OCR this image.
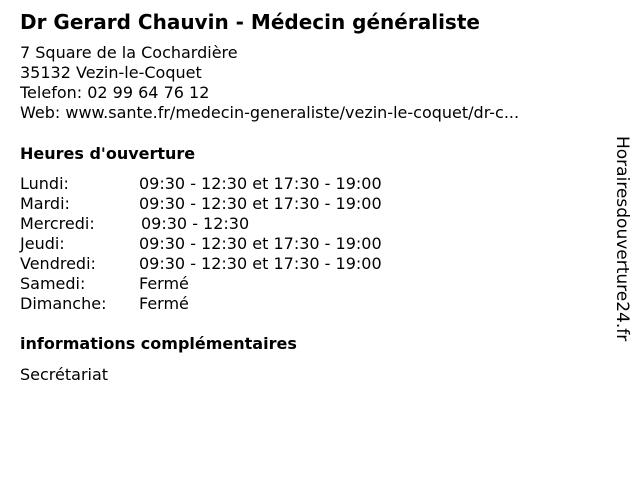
Dr Gerard Chauvin - Médecin généraliste
7 Square de la Cochardière
35132 Vezin-le-Coquet
Telefon: 02 99 64 76 12
Web: www.sante.fr/medecin-generaliste/vezin-le-coquet/dr-c...
Heures d'ouverture
Lundi:	09:30 - 12:30 et 17:30 - 19:00
Mardi:	09:30 - 12:30 et 17:30 - 19:00
Mercredi:	09:30 - 12:30
Jeudi:	09:30 - 12:30 et 17:30 - 19:00
Vendredi:	09:30 - 12:30 et 17:30 - 19:00
Samedi:	Fermé
Dimanche: Fermé
informations complémentaires
Secrétariat
Horairesdouverture24.fr
